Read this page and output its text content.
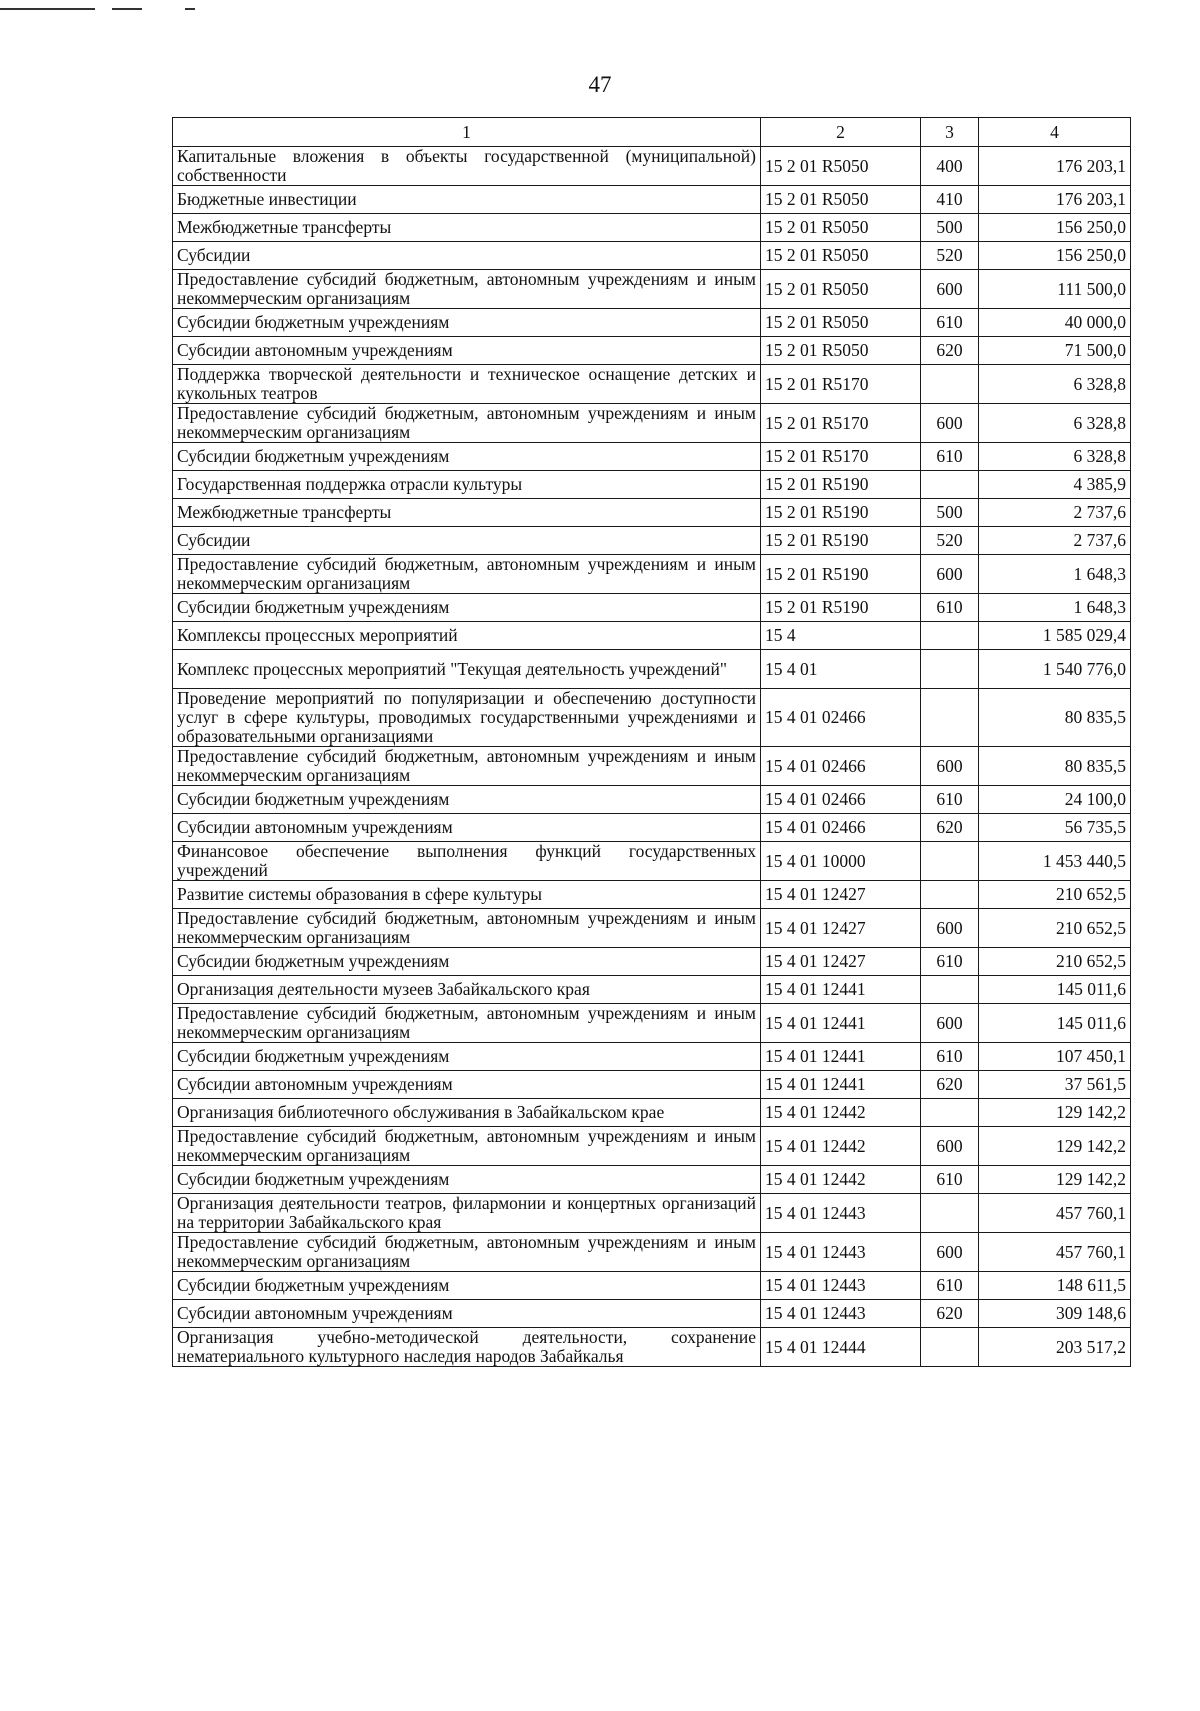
47
1	2	3	4
Капитальные вложения в объекты государственной (муниципальной) собственности	15 2 01 R5050	400	176 203,1
Бюджетные инвестиции	15 2 01 R5050	410	176 203,1
Межбюджетные трансферты	15 2 01 R5050	500	156 250,0
Субсидии	15 2 01 R5050	520	156 250,0
Предоставление субсидий бюджетным, автономным учреждениям и иным некоммерческим организациям	15 2 01 R5050	600	111 500,0
Субсидии бюджетным учреждениям	15 2 01 R5050	610	40 000,0
Субсидии автономным учреждениям	15 2 01 R5050	620	71 500,0
Поддержка творческой деятельности и техническое оснащение детских и кукольных театров	15 2 01 R5170		6 328,8
Предоставление субсидий бюджетным, автономным учреждениям и иным некоммерческим организациям	15 2 01 R5170	600	6 328,8
Субсидии бюджетным учреждениям	15 2 01 R5170	610	6 328,8
Государственная поддержка отрасли культуры	15 2 01 R5190		4 385,9
Межбюджетные трансферты	15 2 01 R5190	500	2 737,6
Субсидии	15 2 01 R5190	520	2 737,6
Предоставление субсидий бюджетным, автономным учреждениям и иным некоммерческим организациям	15 2 01 R5190	600	1 648,3
Субсидии бюджетным учреждениям	15 2 01 R5190	610	1 648,3
Комплексы процессных мероприятий	15 4		1 585 029,4
Комплекс процессных мероприятий "Текущая деятельность учреждений"	15 4 01		1 540 776,0
Проведение мероприятий по популяризации и обеспечению доступности услуг в сфере культуры, проводимых государственными учреждениями и образовательными организациями	15 4 01 02466		80 835,5
Предоставление субсидий бюджетным, автономным учреждениям и иным некоммерческим организациям	15 4 01 02466	600	80 835,5
Субсидии бюджетным учреждениям	15 4 01 02466	610	24 100,0
Субсидии автономным учреждениям	15 4 01 02466	620	56 735,5
Финансовое обеспечение выполнения функций государственных учреждений	15 4 01 10000		1 453 440,5
Развитие системы образования в сфере культуры	15 4 01 12427		210 652,5
Предоставление субсидий бюджетным, автономным учреждениям и иным некоммерческим организациям	15 4 01 12427	600	210 652,5
Субсидии бюджетным учреждениям	15 4 01 12427	610	210 652,5
Организация деятельности музеев Забайкальского края	15 4 01 12441		145 011,6
Предоставление субсидий бюджетным, автономным учреждениям и иным некоммерческим организациям	15 4 01 12441	600	145 011,6
Субсидии бюджетным учреждениям	15 4 01 12441	610	107 450,1
Субсидии автономным учреждениям	15 4 01 12441	620	37 561,5
Организация библиотечного обслуживания в Забайкальском крае	15 4 01 12442		129 142,2
Предоставление субсидий бюджетным, автономным учреждениям и иным некоммерческим организациям	15 4 01 12442	600	129 142,2
Субсидии бюджетным учреждениям	15 4 01 12442	610	129 142,2
Организация деятельности театров, филармонии и концертных организаций на территории Забайкальского края	15 4 01 12443		457 760,1
Предоставление субсидий бюджетным, автономным учреждениям и иным некоммерческим организациям	15 4 01 12443	600	457 760,1
Субсидии бюджетным учреждениям	15 4 01 12443	610	148 611,5
Субсидии автономным учреждениям	15 4 01 12443	620	309 148,6
Организация учебно-методической деятельности, сохранение нематериального культурного наследия народов Забайкалья	15 4 01 12444		203 517,2
